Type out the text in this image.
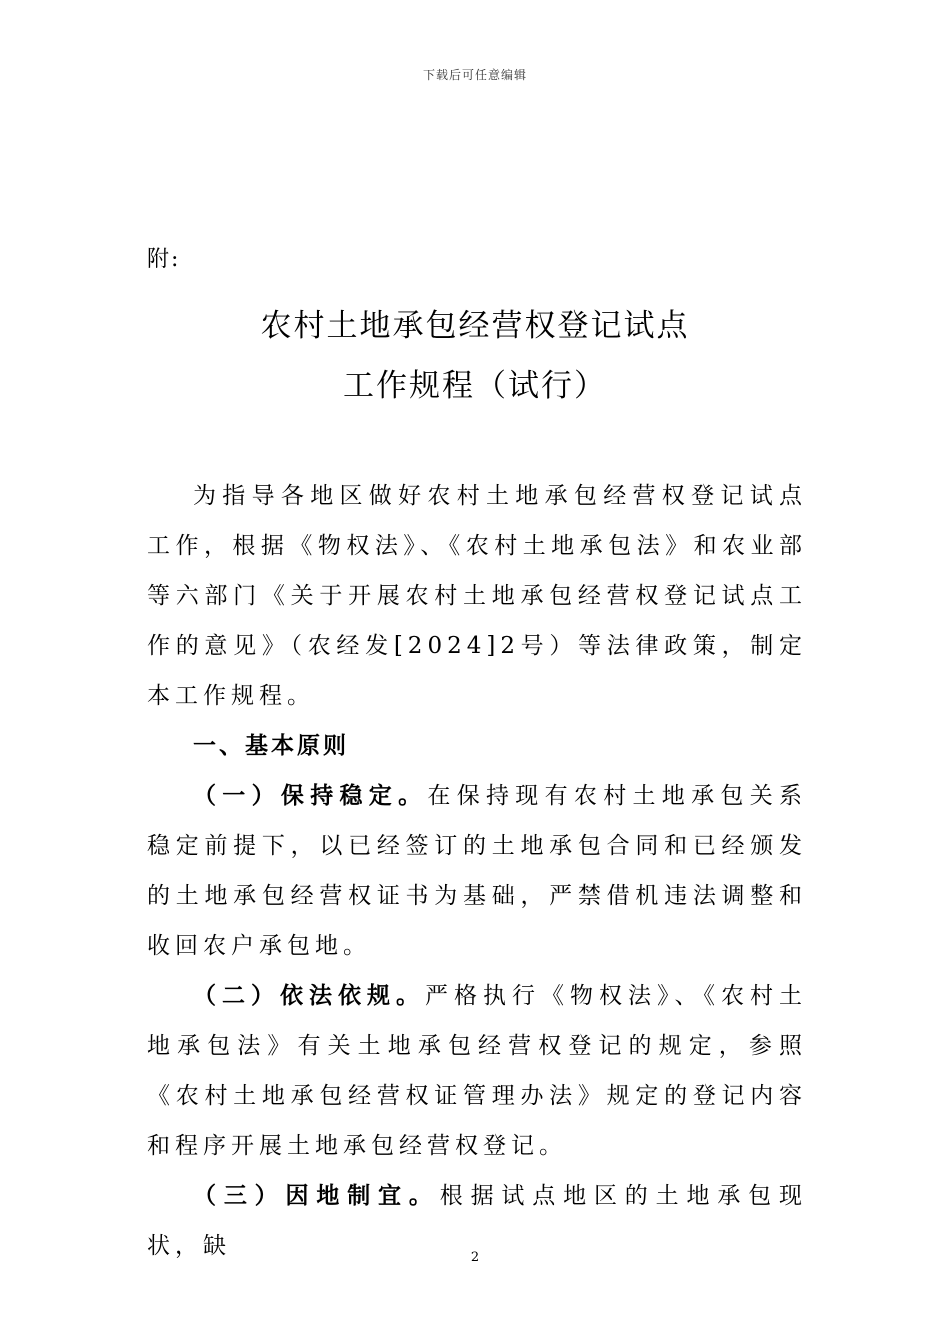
下载后可任意编辑
附:
农村土地承包经营权登记试点
工作规程（试行）

为指导各地区做好农村土地承包经营权登记试点工作，根据《物权法》、《农村土地承包法》和农业部等六部门《关于开展农村土地承包经营权登记试点工作的意见》（农经发[2024]2号）等法律政策，制定本工作规程。

一、基本原则

（一）保持稳定。在保持现有农村土地承包关系稳定前提下，以已经签订的土地承包合同和已经颁发的土地承包经营权证书为基础，严禁借机违法调整和收回农户承包地。

（二）依法依规。严格执行《物权法》、《农村土地承包法》有关土地承包经营权登记的规定，参照《农村土地承包经营权证管理办法》规定的登记内容和程序开展土地承包经营权登记。

（三）因地制宜。根据试点地区的土地承包现状，缺	2
